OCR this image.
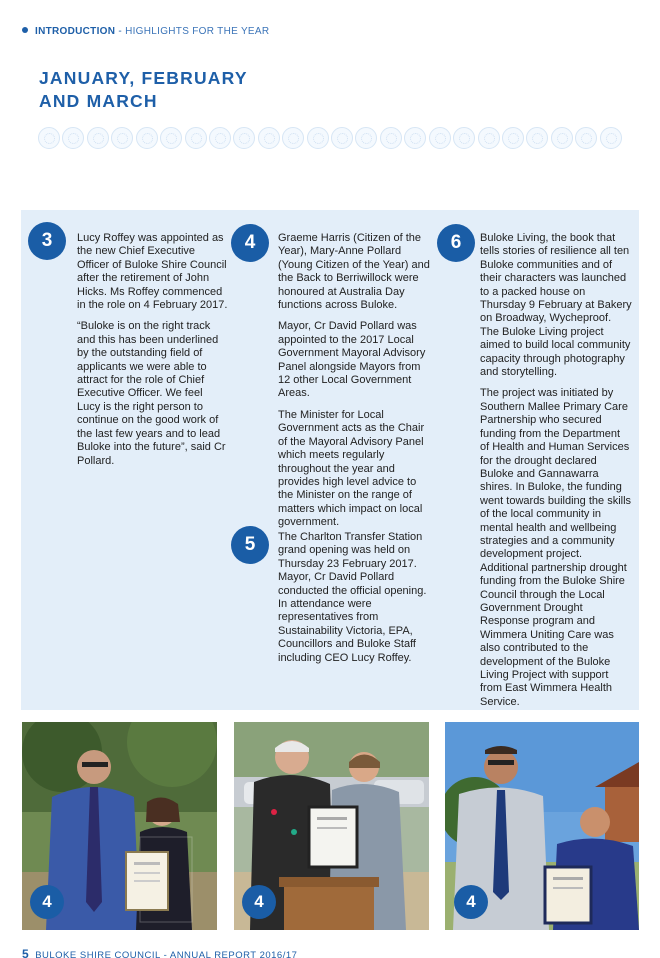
INTRODUCTION - HIGHLIGHTS FOR THE YEAR
JANUARY, FEBRUARY
AND MARCH
3	Lucy Roffey was appointed as the new Chief Executive Officer of Buloke Shire Council after the retirement of John Hicks. Ms Roffey commenced in the role on 4 February 2017.

“Buloke is on the right track and this has been underlined by the outstanding field of applicants we were able to attract for the role of Chief Executive Officer. We feel Lucy is the right person to continue on the good work of the last few years and to lead Buloke into the future”, said Cr Pollard.

4	Graeme Harris (Citizen of the Year), Mary-Anne Pollard (Young Citizen of the Year) and the Back to Berriwillock were honoured at Australia Day functions across Buloke.

Mayor, Cr David Pollard was appointed to the 2017 Local Government Mayoral Advisory Panel alongside Mayors from 12 other Local Government Areas.

The Minister for Local Government acts as the Chair of the Mayoral Advisory Panel which meets regularly throughout the year and provides high level advice to the Minister on the range of matters which impact on local government.

5	The Charlton Transfer Station grand opening was held on Thursday 23 February 2017. Mayor, Cr David Pollard conducted the official opening. In attendance were representatives from Sustainability Victoria, EPA, Councillors and Buloke Staff including CEO Lucy Roffey.

6	Buloke Living, the book that tells stories of resilience all ten Buloke communities and of their characters was launched to a packed house on Thursday 9 February at Bakery on Broadway, Wycheproof. The Buloke Living project aimed to build local community capacity through photography and storytelling.

The project was initiated by Southern Mallee Primary Care Partnership who secured funding from the Department of Health and Human Services for the drought declared Buloke and Gannawarra shires. In Buloke, the funding went towards building the skills of the local community in mental health and wellbeing strategies and a community development project. Additional partnership drought funding from the Buloke Shire Council through the Local Government Drought Response program and Wimmera Uniting Care was also contributed to the development of the Buloke Living Project with support from East Wimmera Health Service.

4	4	4
5 BULOKE SHIRE COUNCIL - ANNUAL REPORT 2016/17
